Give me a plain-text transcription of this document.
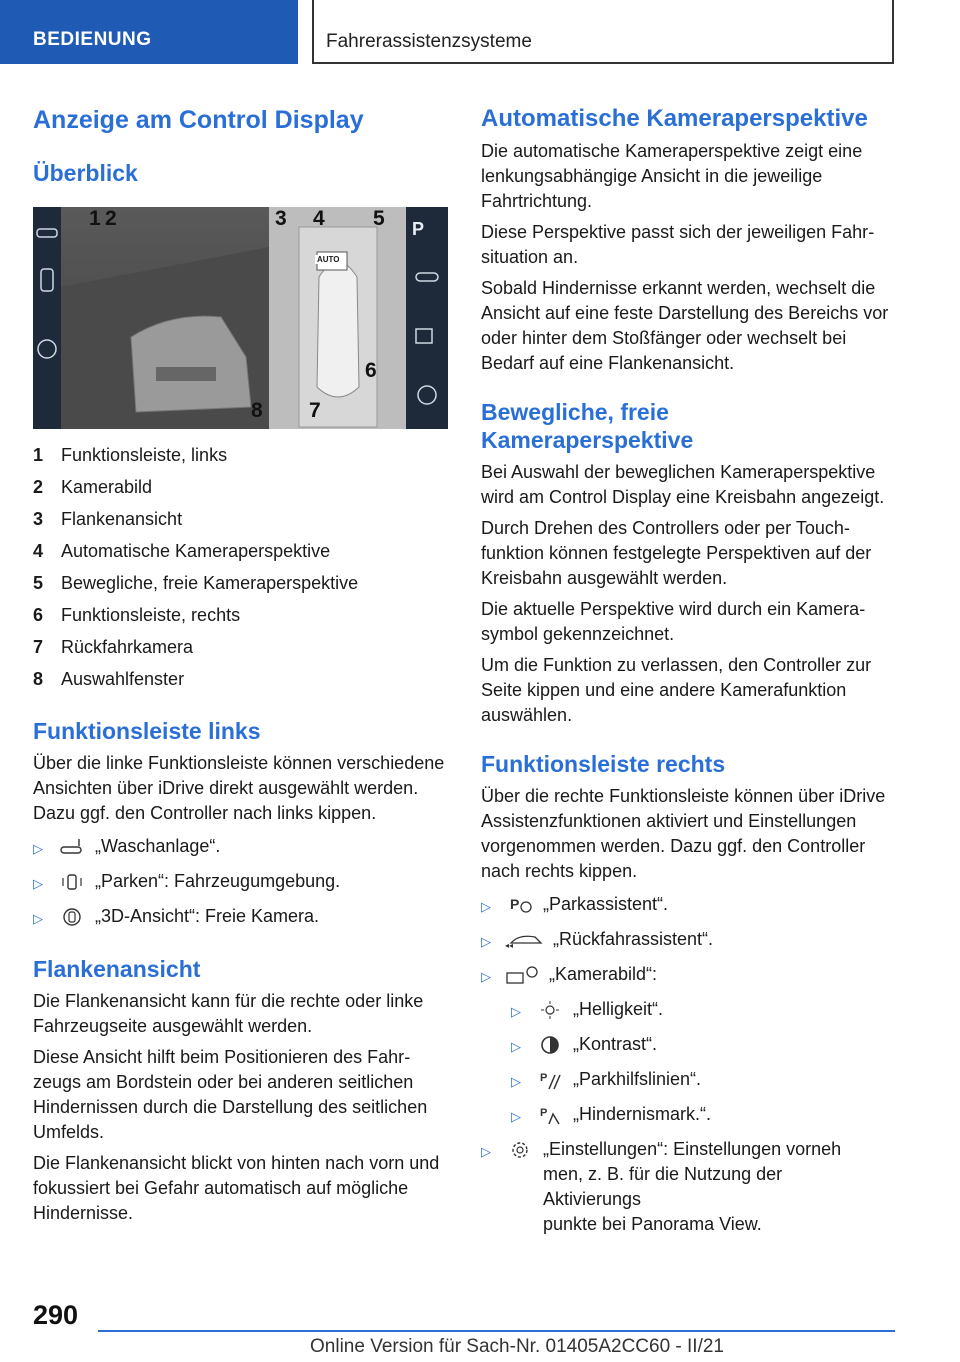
BEDIENUNG	Fahrerassistenzsysteme
Anzeige am Control Display
Überblick
P
1 2	3 4 5
6
7
8
AUTO
1 Funktionsleiste, links
2 Kamerabild
3 Flankenansicht
4 Automatische Kameraperspektive
5 Bewegliche, freie Kameraperspektive
6 Funktionsleiste, rechts
7 Rückfahrkamera
8 Auswahlfenster
Funktionsleiste links

Über die linke Funktionsleiste können verschiedene Ansichten über iDrive direkt ausgewählt werden. Dazu ggf. den Controller nach links kippen.

▷	„Waschanlage“.
▷	„Parken“: Fahrzeugumgebung.
▷	„3D-Ansicht“: Freie Kamera.
Flankenansicht

Die Flankenansicht kann für die rechte oder linke Fahrzeugseite ausgewählt werden.

Diese Ansicht hilft beim Positionieren des Fahrzeugs am Bordstein oder bei anderen seitlichen Hindernissen durch die Darstellung des seitlichen Umfelds.

Die Flankenansicht blickt von hinten nach vorn und fokussiert bei Gefahr automatisch auf mögliche Hindernisse.

Automatische Kameraperspektive

Die automatische Kameraperspektive zeigt eine lenkungsabhängige Ansicht in die jeweilige Fahrtrichtung.

Diese Perspektive passt sich der jeweiligen Fahrsituation an.

Sobald Hindernisse erkannt werden, wechselt die Ansicht auf eine feste Darstellung des Bereichs vor oder hinter dem Stoßfänger oder wechselt bei Bedarf auf eine Flankenansicht.

Bewegliche, freie
Kameraperspektive

Bei Auswahl der beweglichen Kameraperspektive wird am Control Display eine Kreisbahn angezeigt.

Durch Drehen des Controllers oder per Touchfunktion können festgelegte Perspektiven auf der Kreisbahn ausgewählt werden.

Die aktuelle Perspektive wird durch ein Kamerasymbol gekennzeichnet.

Um die Funktion zu verlassen, den Controller zur Seite kippen und eine andere Kamerafunktion auswählen.

Funktionsleiste rechts

Über die rechte Funktionsleiste können über iDrive Assistenzfunktionen aktiviert und Einstellungen vorgenommen werden. Dazu ggf. den Controller nach rechts kippen.

▷	P „Parkassistent“.
▷	◂◂ „Rückfahrassistent“.
▷	„Kamerabild“:
▷	„Helligkeit“.
▷	„Kontrast“.
▷	P „Parkhilfslinien“.
▷	P „Hindernismark.“.
▷	„Einstellungen“: Einstellungen vorneh
men, z. B. für die Nutzung der Aktivierungs
punkte bei Panorama View.
290
Online Version für Sach-Nr. 01405A2CC60 - II/21
